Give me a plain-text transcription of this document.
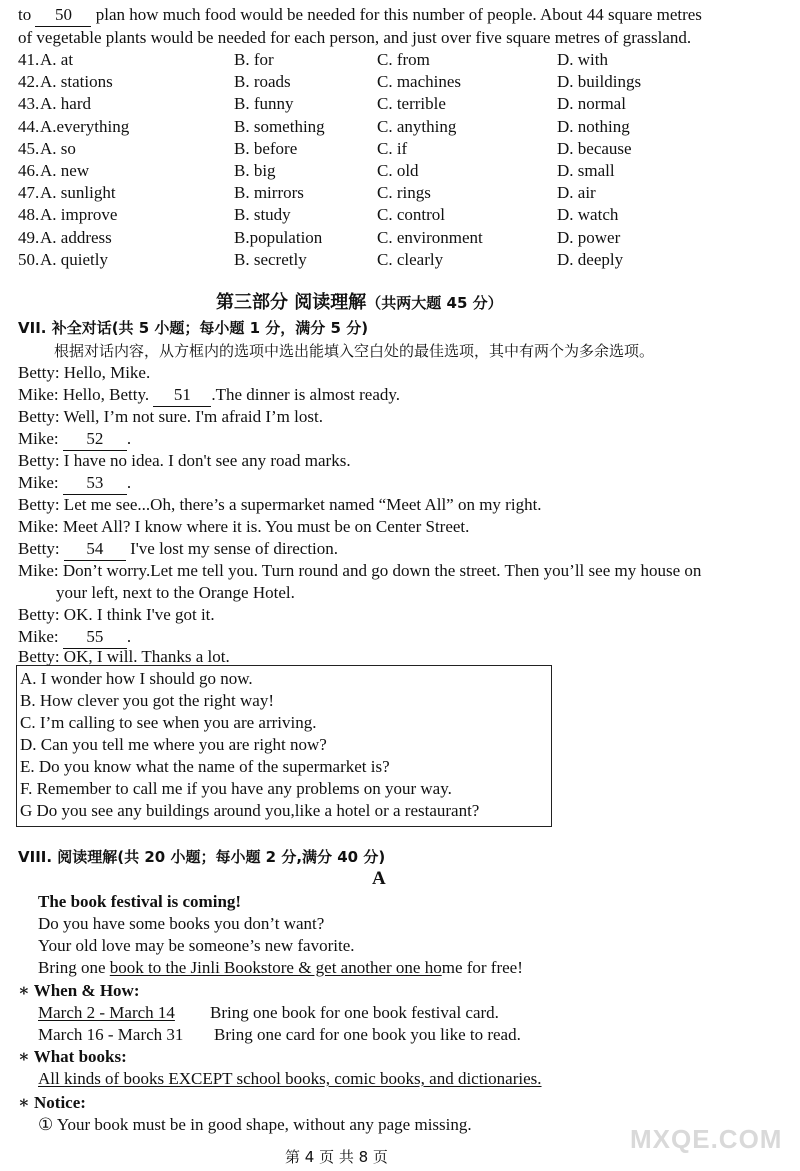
to 50 plan how much food would be needed for this number of people. About 44 square metres
of vegetable plants would be needed for each person, and just over five square metres of grassland.
41. A. at	B. for	C. from	D. with
42. A. stations	B. roads	C. machines	D. buildings
43. A. hard	B. funny	C. terrible	D. normal
44. A.everything	B. something	C. anything	D. nothing
45. A. so	B. before	C. if	D. because
46. A. new	B. big	C. old	D. small
47. A. sunlight	B. mirrors	C. rings	D. air
48. A. improve	B. study	C. control	D. watch
49. A. address	B.population	C. environment	D. power
50. A. quietly	B. secretly	C. clearly	D. deeply
第三部分 阅读理解（共两大题 45 分）
VII. 补全对话(共 5 小题；每小题 1 分，满分 5 分)
根据对话内容，从方框内的选项中选出能填入空白处的最佳选项，其中有两个为多余选项。
Betty: Hello, Mike.
Mike: Hello, Betty. 51 .The dinner is almost ready.
Betty: Well, I’m not sure. I'm afraid I’m lost.
Mike: 52 .
Betty: I have no idea. I don't see any road marks.
Mike: 53 .
Betty: Let me see...Oh, there’s a supermarket named “Meet All” on my right.
Mike: Meet All? I know where it is. You must be on Center Street.
Betty: 54 I've lost my sense of direction.
Mike: Don’t worry.Let me tell you. Turn round and go down the street. Then you’ll see my house on
your left, next to the Orange Hotel.
Betty: OK. I think I've got it.
Mike: 55 .
Betty: OK, I will. Thanks a lot.
A. I wonder how I should go now.
B. How clever you got the right way!
C. I’m calling to see when you are arriving.
D. Can you tell me where you are right now?
E. Do you know what the name of the supermarket is?
F. Remember to call me if you have any problems on your way.
G Do you see any buildings around you,like a hotel or a restaurant?
VIII. 阅读理解(共 20 小题；每小题 2 分,满分 40 分)
A
The book festival is coming!
Do you have some books you don’t want?
Your old love may be someone’s new favorite.
Bring one book to the Jinli Bookstore & get another one home for free!
∗ When & How:
March 2 - March 14 Bring one book for one book festival card.
March 16 - March 31 Bring one card for one book you like to read.
∗ What books:
All kinds of books EXCEPT school books, comic books, and dictionaries.
∗ Notice:
① Your book must be in good shape, without any page missing.
第 4 页 共 8 页
MXQE.COM
